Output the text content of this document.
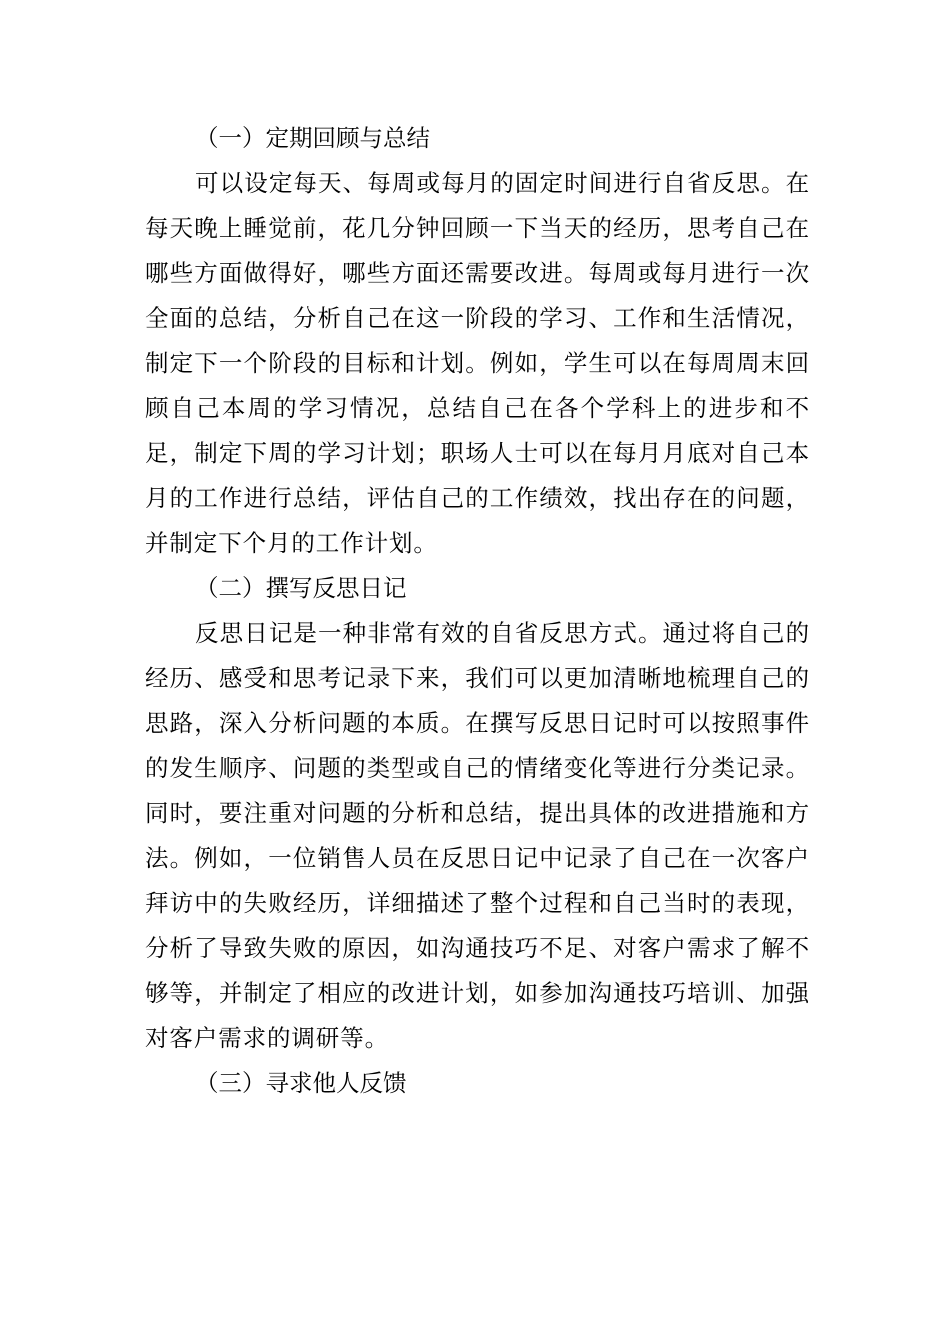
（一）定期回顾与总结

可以设定每天、每周或每月的固定时间进行自省反思。在每天晚上睡觉前，花几分钟回顾一下当天的经历，思考自己在哪些方面做得好，哪些方面还需要改进。每周或每月进行一次全面的总结，分析自己在这一阶段的学习、工作和生活情况，制定下一个阶段的目标和计划。例如，学生可以在每周周末回顾自己本周的学习情况，总结自己在各个学科上的进步和不足，制定下周的学习计划；职场人士可以在每月月底对自己本月的工作进行总结，评估自己的工作绩效，找出存在的问题，并制定下个月的工作计划。

（二）撰写反思日记

反思日记是一种非常有效的自省反思方式。通过将自己的经历、感受和思考记录下来，我们可以更加清晰地梳理自己的思路，深入分析问题的本质。在撰写反思日记时可以按照事件的发生顺序、问题的类型或自己的情绪变化等进行分类记录。同时，要注重对问题的分析和总结，提出具体的改进措施和方法。例如，一位销售人员在反思日记中记录了自己在一次客户拜访中的失败经历，详细描述了整个过程和自己当时的表现，分析了导致失败的原因，如沟通技巧不足、对客户需求了解不够等，并制定了相应的改进计划，如参加沟通技巧培训、加强对客户需求的调研等。

（三）寻求他人反馈
